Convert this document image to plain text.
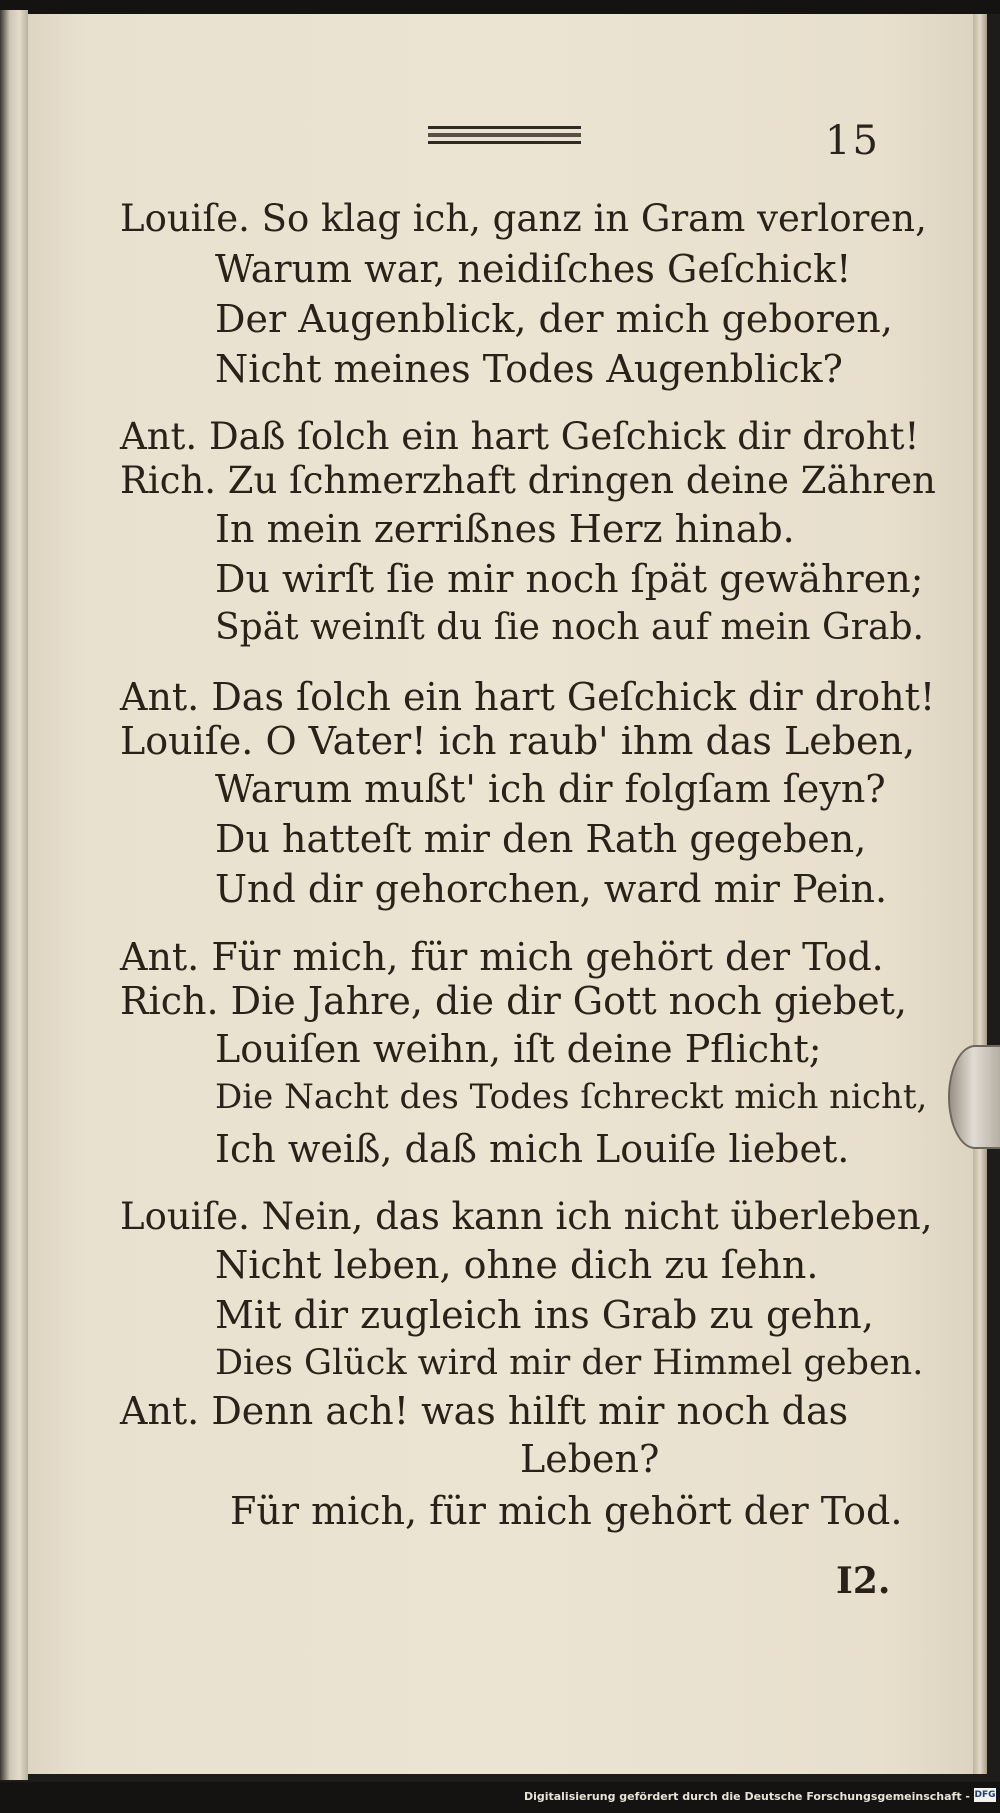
15
Louiſe. So klag ich, ganz in Gram verloren,
Warum war, neidiſches Geſchick!
Der Augenblick, der mich geboren,
Nicht meines Todes Augenblick?
Ant. Daß ſolch ein hart Geſchick dir droht!
Rich. Zu ſchmerzhaft dringen deine Zähren
In mein zerrißnes Herz hinab.
Du wirſt ſie mir noch ſpät gewähren;
Spät weinſt du ſie noch auf mein Grab.
Ant. Das ſolch ein hart Geſchick dir droht!
Louiſe. O Vater! ich raub' ihm das Leben,
Warum mußt' ich dir folgſam ſeyn?
Du hatteſt mir den Rath gegeben,
Und dir gehorchen, ward mir Pein.
Ant. Für mich, für mich gehört der Tod.
Rich. Die Jahre, die dir Gott noch giebet,
Louiſen weihn, iſt deine Pflicht;
Die Nacht des Todes ſchreckt mich nicht,
Ich weiß, daß mich Louiſe liebet.
Louiſe. Nein, das kann ich nicht überleben,
Nicht leben, ohne dich zu ſehn.
Mit dir zugleich ins Grab zu gehn,
Dies Glück wird mir der Himmel geben.
Ant. Denn ach! was hilft mir noch das
Leben?
Für mich, für mich gehört der Tod.
I2.
Digitalisierung gefördert durch die Deutsche Forschungsgemeinschaft - DFG
